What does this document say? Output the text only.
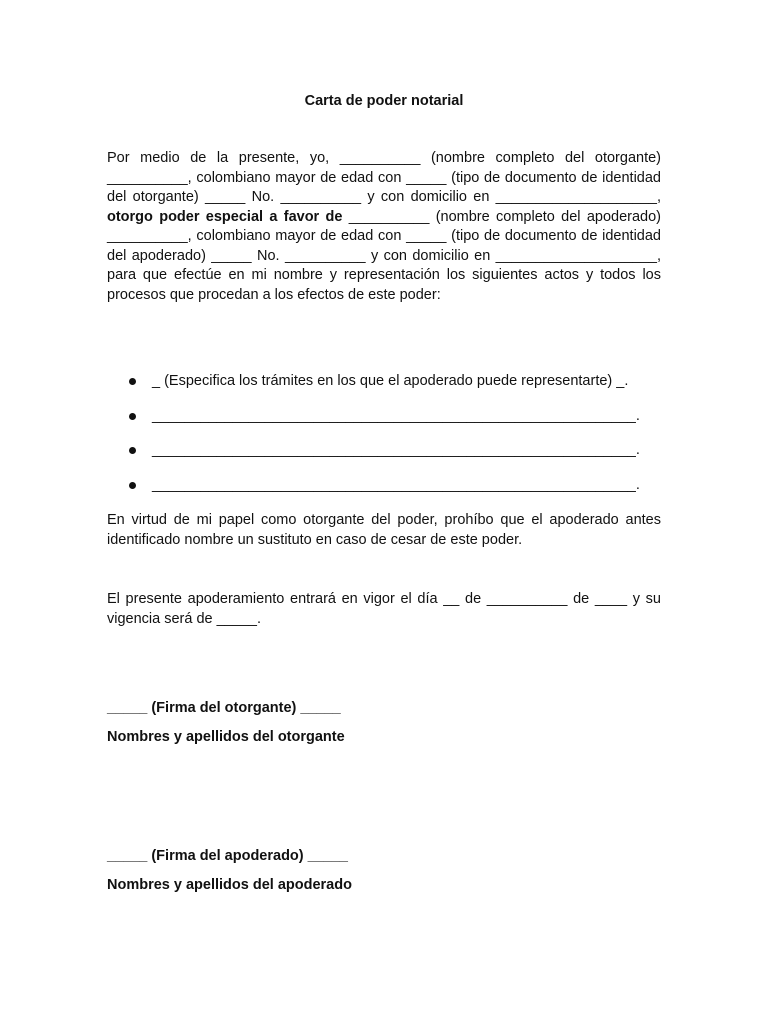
Carta de poder notarial

Por medio de la presente, yo, __________ (nombre completo del otorgante) __________, colombiano mayor de edad con _____ (tipo de documento de identidad del otorgante) _____ No. __________ y con domicilio en ____________________, otorgo poder especial a favor de __________ (nombre completo del apoderado) __________, colombiano mayor de edad con _____ (tipo de documento de identidad del apoderado) _____ No. __________ y con domicilio en ____________________, para que efectúe en mi nombre y representación los siguientes actos y todos los procesos que procedan a los efectos de este poder:

_ (Especifica los trámites en los que el apoderado puede representarte) _.
____________________________________________________________.
____________________________________________________________.
____________________________________________________________.

En virtud de mi papel como otorgante del poder, prohíbo que el apoderado antes identificado nombre un sustituto en caso de cesar de este poder.

El presente apoderamiento entrará en vigor el día __ de __________ de ____ y su vigencia será de _____.

_____ (Firma del otorgante) _____

Nombres y apellidos del otorgante

_____ (Firma del apoderado) _____

Nombres y apellidos del apoderado
